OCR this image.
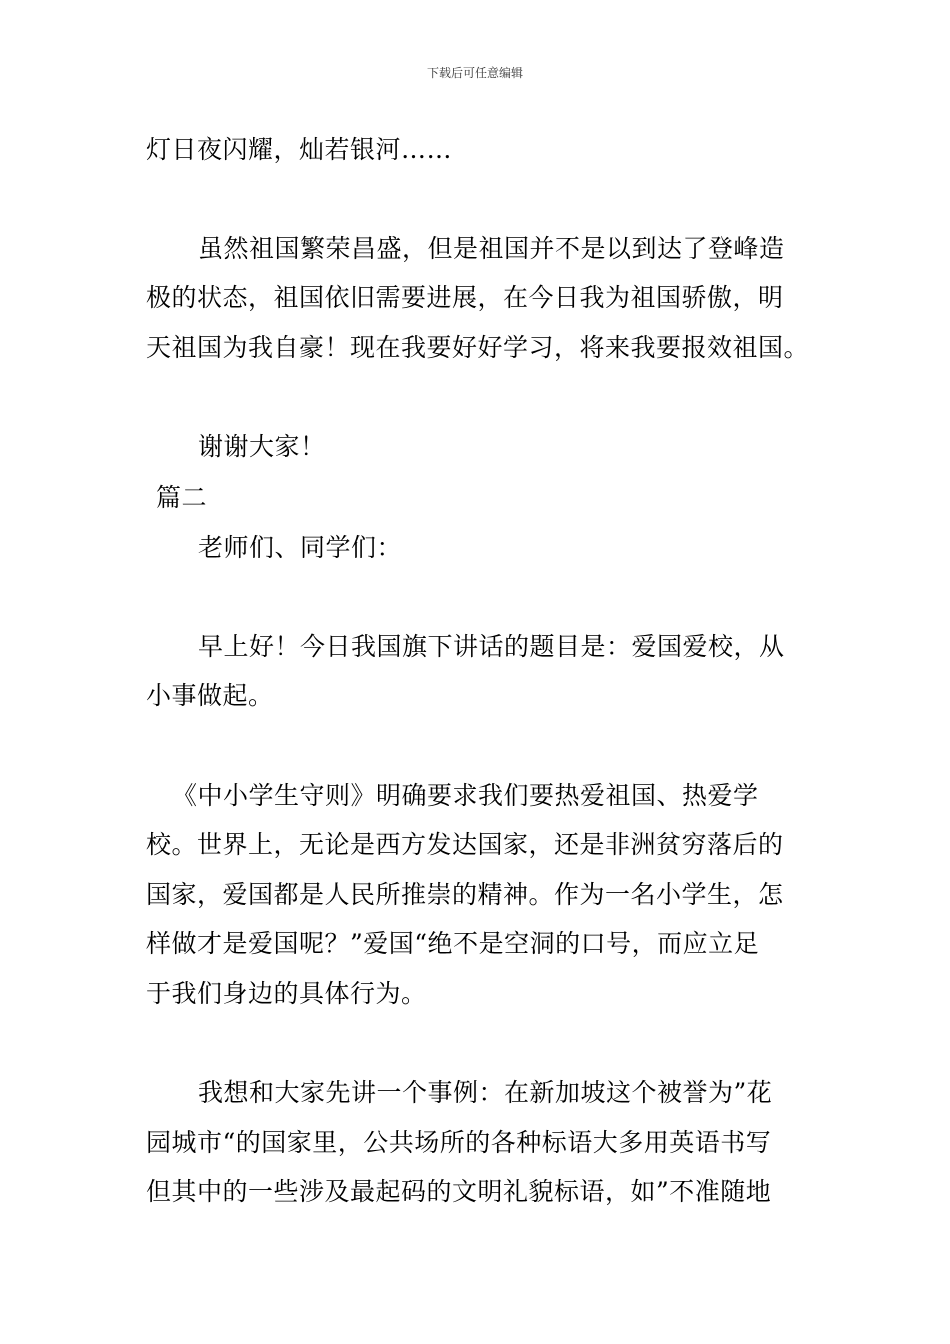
下载后可任意编辑
灯日夜闪耀，灿若银河……
虽然祖国繁荣昌盛，但是祖国并不是以到达了登峰造
极的状态，祖国依旧需要进展，在今日我为祖国骄傲，明
天祖国为我自豪！现在我要好好学习，将来我要报效祖国。
谢谢大家！
篇二
老师们、同学们：
早上好！今日我国旗下讲话的题目是：爱国爱校，从
小事做起。
《中小学生守则》明确要求我们要热爱祖国、热爱学
校。世界上，无论是西方发达国家，还是非洲贫穷落后的
国家，爱国都是人民所推崇的精神。作为一名小学生，怎
样做才是爱国呢？”爱国“绝不是空洞的口号，而应立足
于我们身边的具体行为。
我想和大家先讲一个事例：在新加坡这个被誉为”花
园城市“的国家里，公共场所的各种标语大多用英语书写
但其中的一些涉及最起码的文明礼貌标语，如”不准随地
